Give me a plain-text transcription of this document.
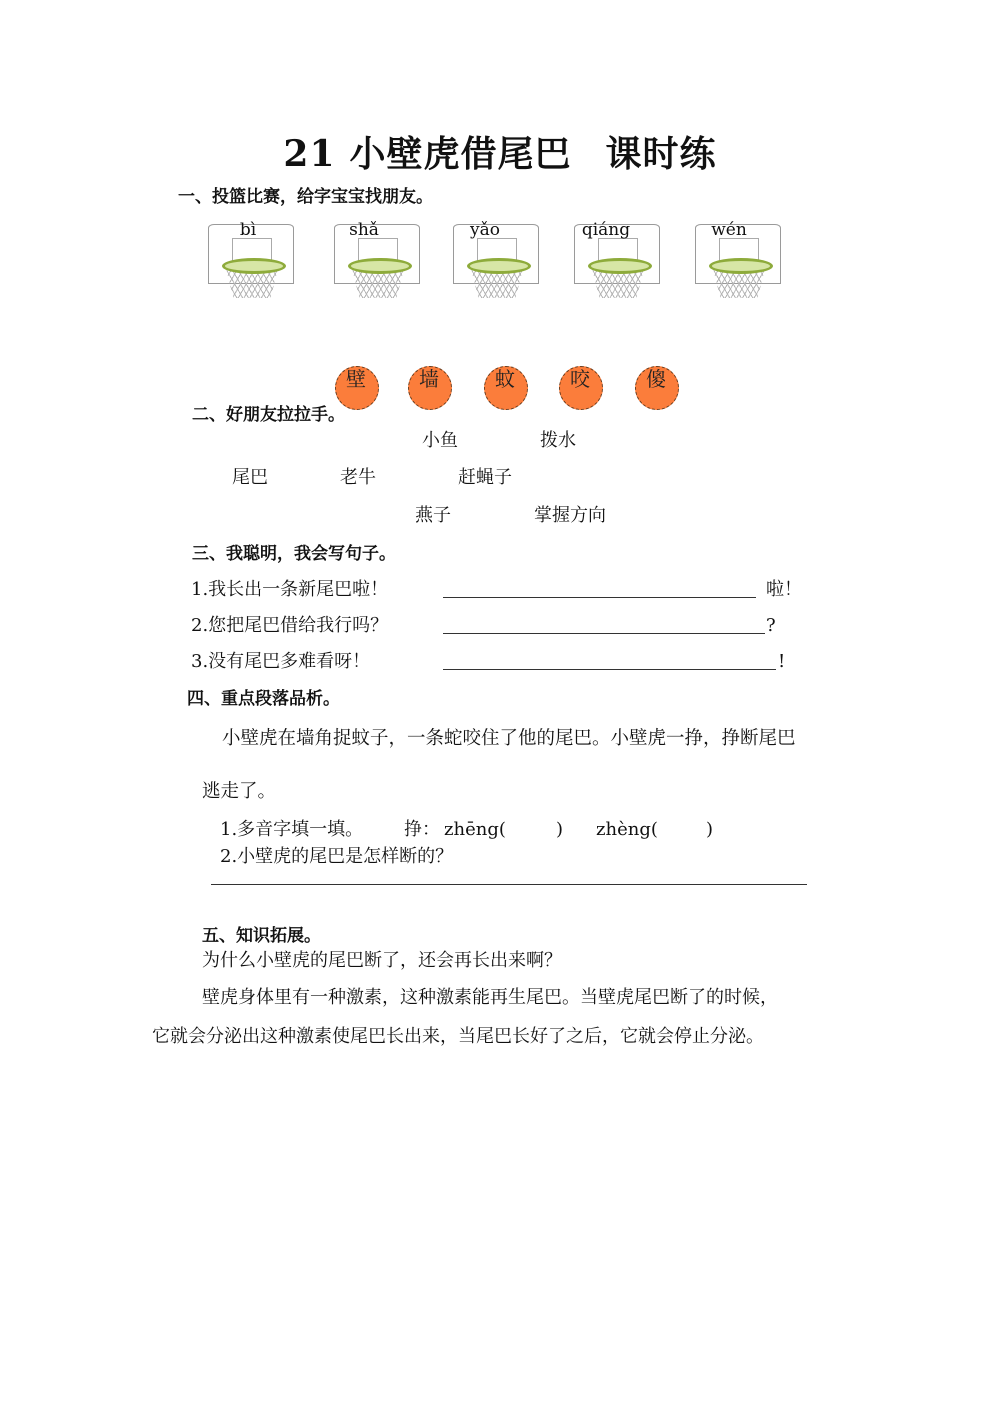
21 小壁虎借尾巴 课时练
一、投篮比赛，给字宝宝找朋友。
bì	shǎ	yǎo	qiáng	wén
壁	墙	蚊	咬	傻
二、好朋友拉拉手。
小鱼	拨水
尾巴	老牛	赶蝇子
燕子	掌握方向
三、我聪明，我会写句子。
1.我长出一条新尾巴啦！	啦！
2.您把尾巴借给我行吗？	?
3.没有尾巴多难看呀！	!
四、重点段落品析。
小壁虎在墙角捉蚊子，一条蛇咬住了他的尾巴。小壁虎一挣，挣断尾巴
逃走了。
1.多音字填一填。 挣： zhēng(	) zhèng(	)
2.小壁虎的尾巴是怎样断的？
五、知识拓展。
为什么小壁虎的尾巴断了，还会再长出来啊？
壁虎身体里有一种激素，这种激素能再生尾巴。当壁虎尾巴断了的时候，
它就会分泌出这种激素使尾巴长出来，当尾巴长好了之后，它就会停止分泌。
